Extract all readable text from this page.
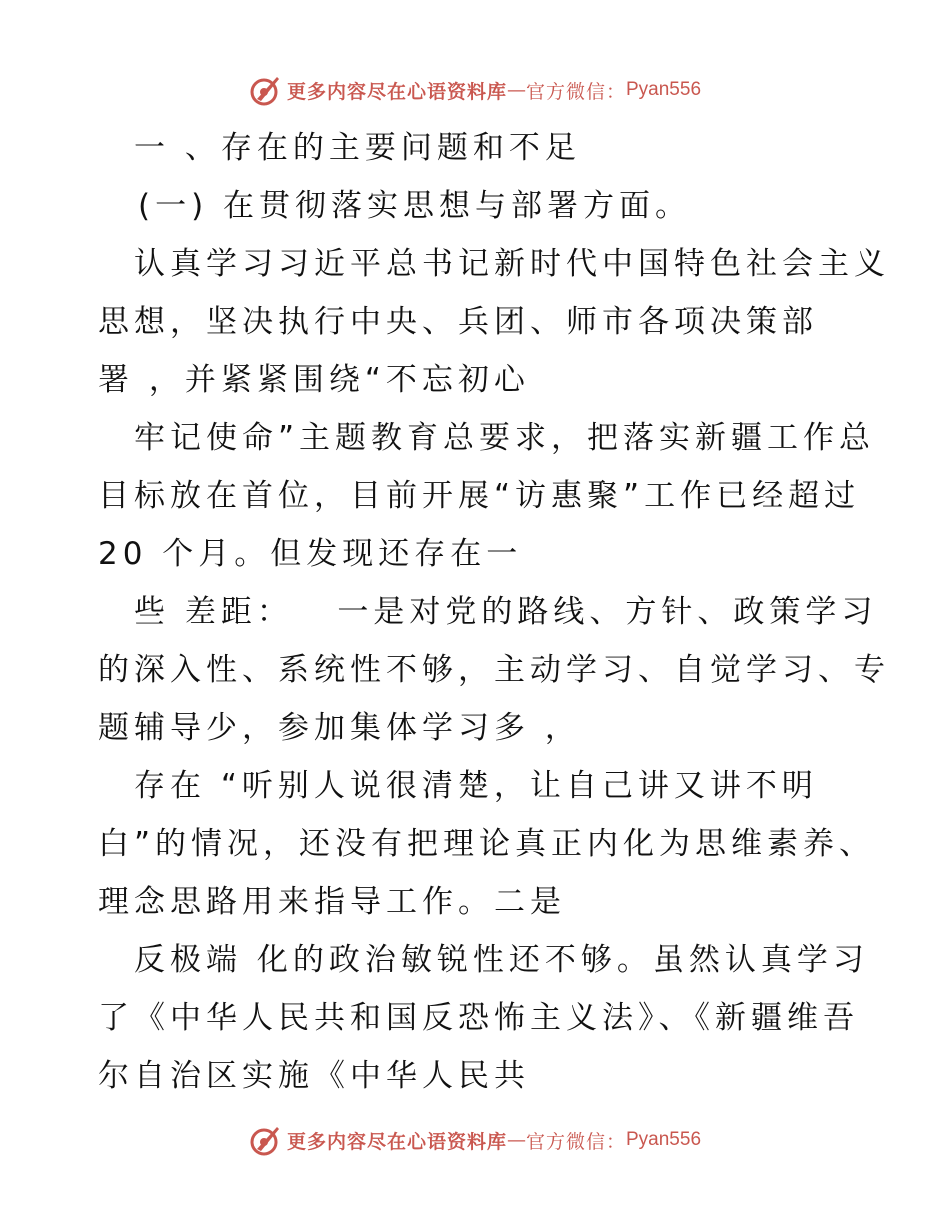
更多内容尽在心语资料库 — 官方微信： Pyan556
一 、存在的主要问题和不足
(一) 在贯彻落实思想与部署方面。
认真学习习近平总书记新时代中国特色社会主义
思想，坚决执行中央、兵团、师市各项决策部
署 ，并紧紧围绕“不忘初心
牢记使命”主题教育总要求，把落实新疆工作总
目标放在首位，目前开展“访惠聚”工作已经超过
20 个月。但发现还存在一
些 差距：   一是对党的路线、方针、政策学习
的深入性、系统性不够，主动学习、自觉学习、专
题辅导少，参加集体学习多 ，
存在 “听别人说很清楚，让自己讲又讲不明
白”的情况，还没有把理论真正内化为思维素养、
理念思路用来指导工作。二是
反极端 化的政治敏锐性还不够。虽然认真学习
了《中华人民共和国反恐怖主义法》、《新疆维吾
尔自治区实施《中华人民共
更多内容尽在心语资料库 — 官方微信： Pyan556
